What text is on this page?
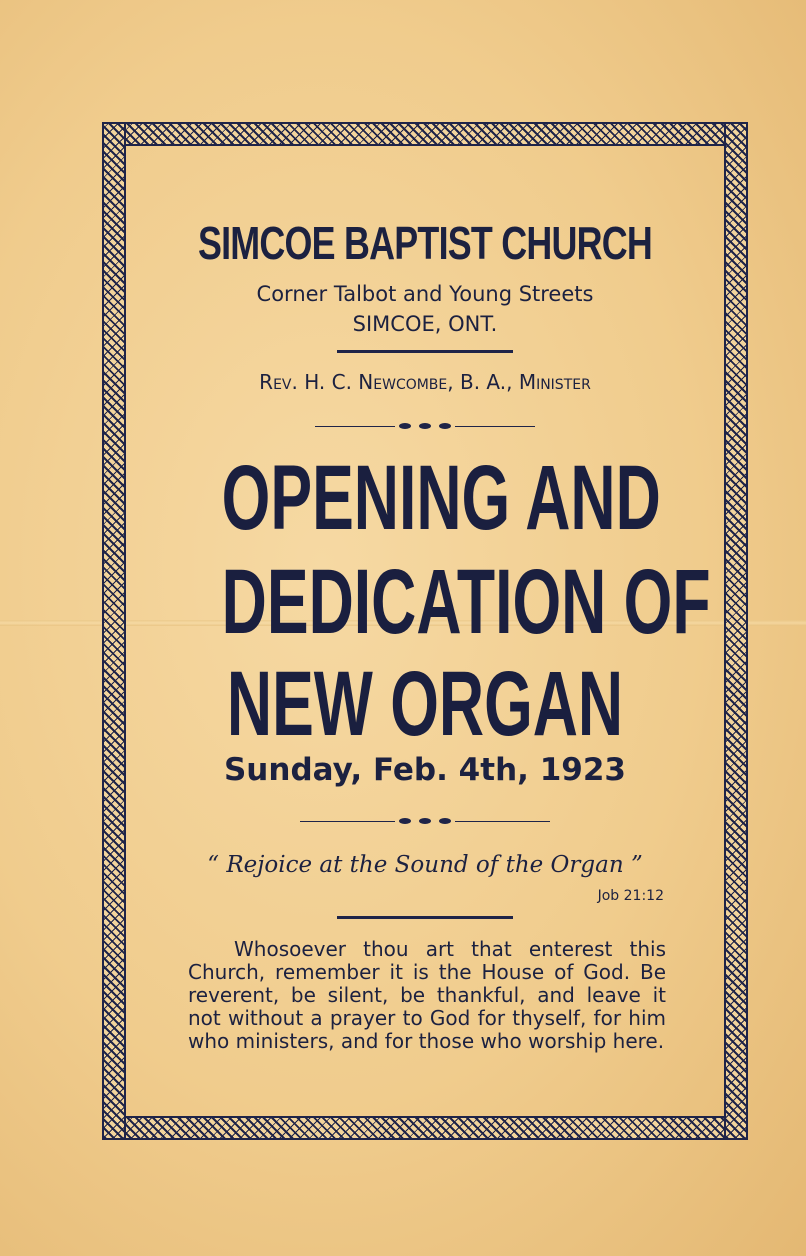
SIMCOE BAPTIST CHURCH
Corner Talbot and Young Streets
SIMCOE, ONT.
Rev. H. C. Newcombe, B. A., Minister
OPENING AND
DEDICATION OF
NEW ORGAN
Sunday, Feb. 4th, 1923
“ Rejoice at the Sound of the Organ ”
Job 21:12
Whosoever thou art that enterest this Church, remember it is the House of God. Be reverent, be silent, be thankful, and leave it not without a prayer to God for thyself, for him who ministers, and for those who worship here.
